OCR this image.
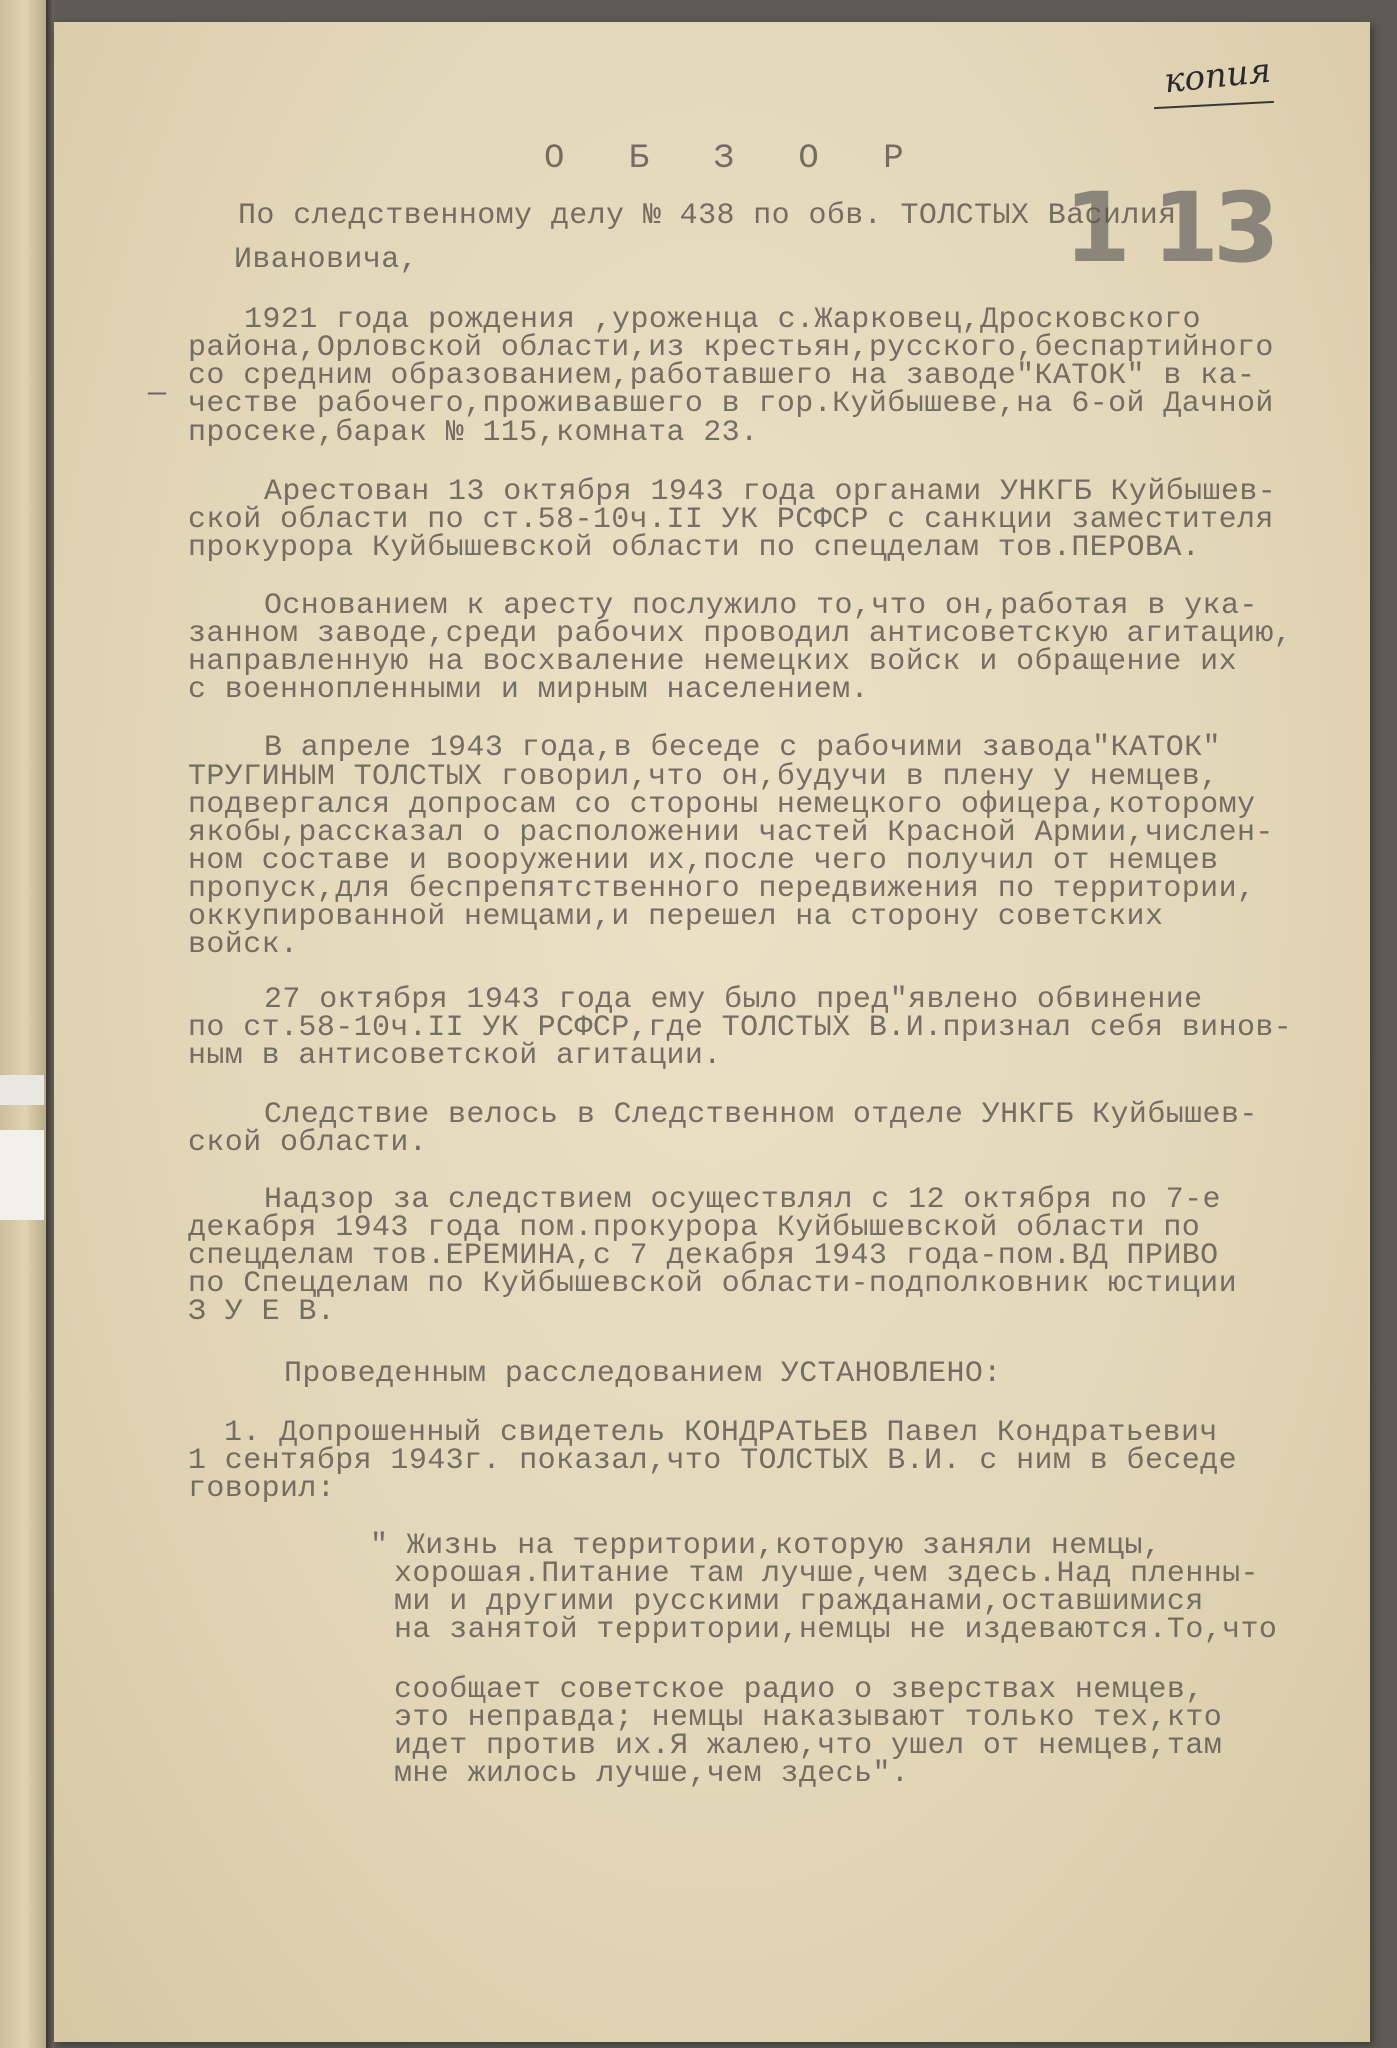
копия
1 13
—
О Б З О Р
По следственному делу № 438 по обв. ТОЛСТЫХ Василия
Ивановича,
1921 года рождения ,уроженца с.Жарковец,Дросковского
района,Орловской области,из крестьян,русского,беспартийного
со средним образованием,работавшего на заводе"КАТОК" в ка-
честве рабочего,проживавшего в гор.Куйбышеве,на 6-ой Дачной
просеке,барак № 115,комната 23.
Арестован 13 октября 1943 года органами УНКГБ Куйбышев-
ской области по ст.58-10ч.II УК РСФСР с санкции заместителя
прокурора Куйбышевской области по спецделам тов.ПЕРОВА.
Основанием к аресту послужило то,что он,работая в ука-
занном заводе,среди рабочих проводил антисоветскую агитацию,
направленную на восхваление немецких войск и обращение их
с военнопленными и мирным населением.
В апреле 1943 года,в беседе с рабочими завода"КАТОК"
ТРУГИНЫМ ТОЛСТЫХ говорил,что он,будучи в плену у немцев,
подвергался допросам со стороны немецкого офицера,которому
якобы,рассказал о расположении частей Красной Армии,числен-
ном составе и вооружении их,после чего получил от немцев
пропуск,для беспрепятственного передвижения по территории,
оккупированной немцами,и перешел на сторону советских
войск.
27 октября 1943 года ему было пред"явлено обвинение
по ст.58-10ч.II УК РСФСР,где ТОЛСТЫХ В.И.признал себя винов-
ным в антисоветской агитации.
Следствие велось в Следственном отделе УНКГБ Куйбышев-
ской области.
Надзор за следствием осуществлял с 12 октября по 7-е
декабря 1943 года пом.прокурора Куйбышевской области по
спецделам тов.ЕРЕМИНА,с 7 декабря 1943 года-пом.ВД ПРИВО
по Спецделам по Куйбышевской области-подполковник юстиции
З У Е В.
Проведенным расследованием УСТАНОВЛЕНО:
1. Допрошенный свидетель КОНДРАТЬЕВ Павел Кондратьевич
1 сентября 1943г. показал,что ТОЛСТЫХ В.И. с ним в беседе
говорил:
" Жизнь на территории,которую заняли немцы,
хорошая.Питание там лучше,чем здесь.Над пленны-
ми и другими русскими гражданами,оставшимися
на занятой территории,немцы не издеваются.То,что
сообщает советское радио о зверствах немцев,
это неправда; немцы наказывают только тех,кто
идет против их.Я жалею,что ушел от немцев,там
мне жилось лучше,чем здесь".
